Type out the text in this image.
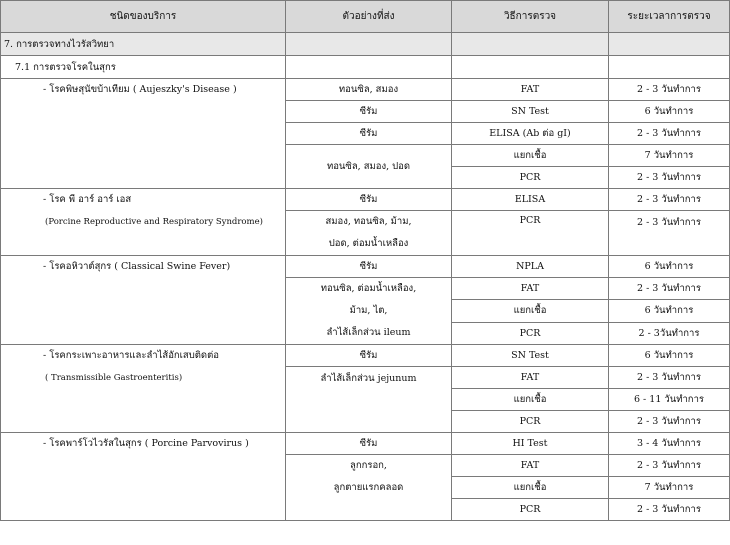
ชนิดของบริการ	ตัวอย่างที่ส่ง	วิธีการตรวจ	ระยะเวลาการตรวจ
7. การตรวจทางไวรัสวิทยา			
7.1 การตรวจโรคในสุกร			

- โรคพิษสุนัขบ้าเทียม ( Aujeszky's Disease )	ทอนซิล, สมอง	FAT	2 - 3 วันทำการ
	ซีรัม	SN Test	6 วันทำการ
	ซีรัม	ELISA (Ab ต่อ gI)	2 - 3 วันทำการ
	ทอนซิล, สมอง, ปอด	แยกเชื้อ	7 วันทำการ
		PCR	2 - 3 วันทำการ

- โรค พี อาร์ อาร์ เอส
(Porcine Reproductive and Respiratory Syndrome)	ซีรัม	ELISA	2 - 3 วันทำการ

	สมอง, ทอนซิล, ม้าม,
ปอด, ต่อมน้ำเหลือง	PCR	2 - 3 วันทำการ

- โรคอหิวาต์สุกร ( Classical Swine Fever)	ซีรัม	NPLA	6 วันทำการ

	ทอนซิล, ต่อมน้ำเหลือง,
ม้าม, ไต,
ลำไส้เล็กส่วน ileum	FAT	2 - 3 วันทำการ
		แยกเชื้อ	6 วันทำการ
		PCR	2 - 3วันทำการ

- โรคกระเพาะอาหารและลำไส้อักเสบติดต่อ
( Transmissible Gastroenteritis)	ซีรัม	SN Test	6 วันทำการ
	ลำไส้เล็กส่วน jejunum	FAT	2 - 3 วันทำการ
		แยกเชื้อ	6 - 11 วันทำการ
		PCR	2 - 3 วันทำการ

- โรคพาร์โวไวรัสในสุกร ( Porcine Parvovirus )	ซีรัม	HI Test	3 - 4 วันทำการ

	ลูกกรอก,
ลูกตายแรกคลอด	FAT	2 - 3 วันทำการ
		แยกเชื้อ	7 วันทำการ
		PCR	2 - 3 วันทำการ
